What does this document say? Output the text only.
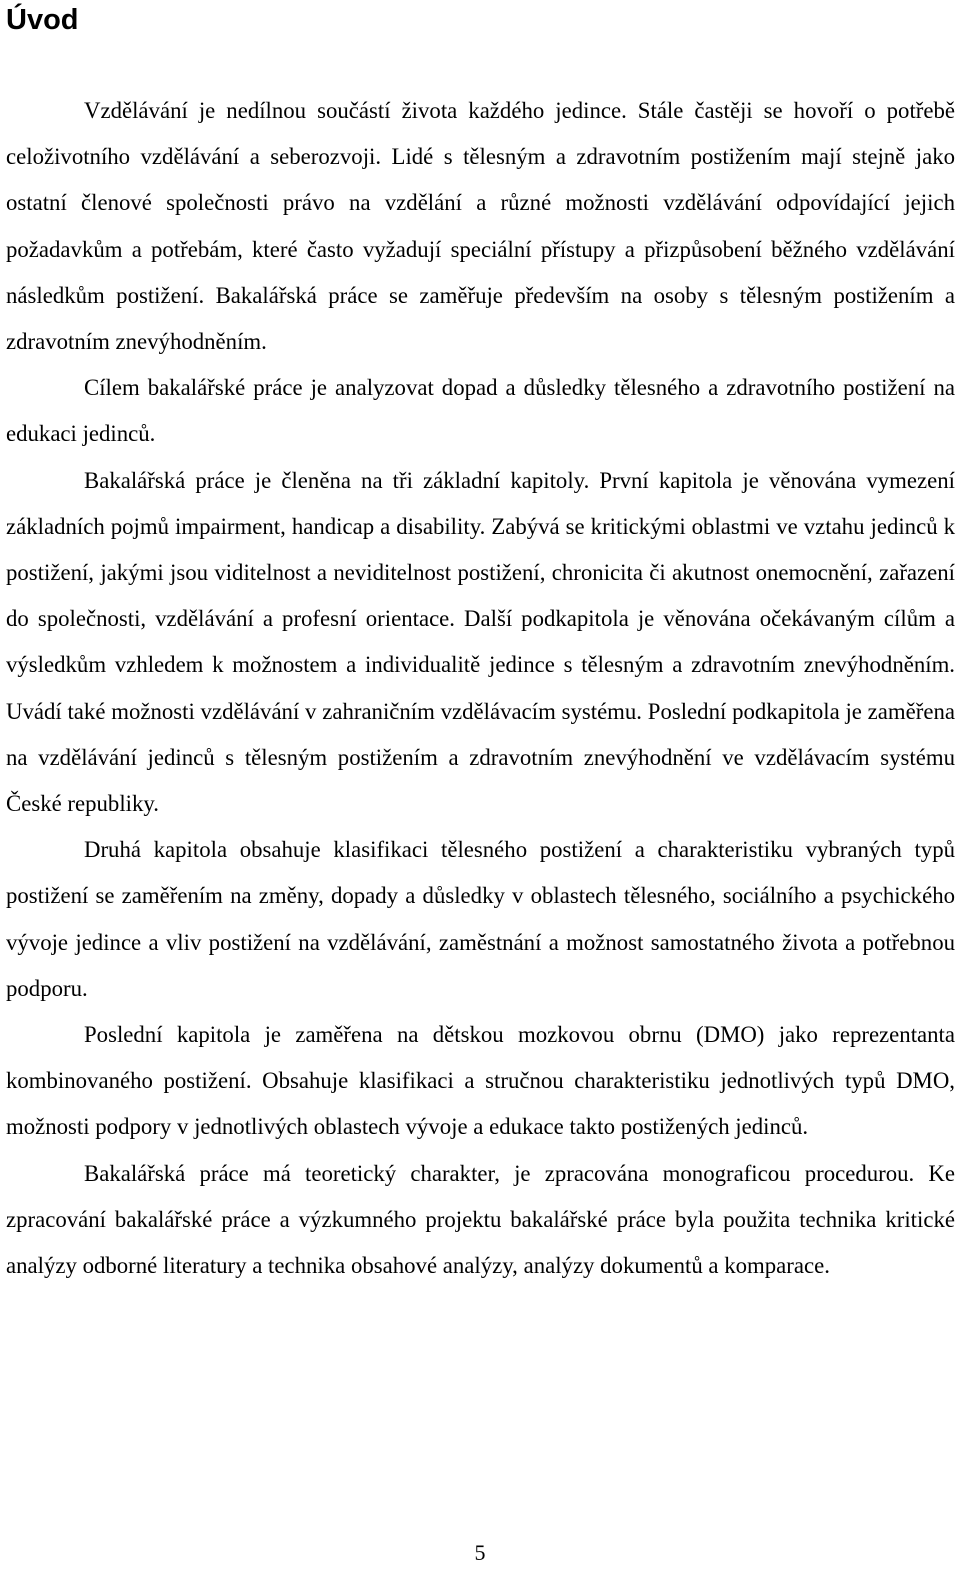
Úvod

Vzdělávání je nedílnou součástí života každého jedince. Stále častěji se hovoří o potřebě celoživotního vzdělávání a seberozvoji. Lidé s tělesným a zdravotním postižením mají stejně jako ostatní členové společnosti právo na vzdělání a různé možnosti vzdělávání odpovídající jejich požadavkům a potřebám, které často vyžadují speciální přístupy a přizpůsobení běžného vzdělávání následkům postižení. Bakalářská práce se zaměřuje především na osoby s tělesným postižením a zdravotním znevýhodněním.

Cílem bakalářské práce je analyzovat dopad a důsledky tělesného a zdravotního postižení na edukaci jedinců.

Bakalářská práce je členěna na tři základní kapitoly. První kapitola je věnována vymezení základních pojmů impairment, handicap a disability. Zabývá se kritickými oblastmi ve vztahu jedinců k postižení, jakými jsou viditelnost a neviditelnost postižení, chronicita či akutnost onemocnění, zařazení do společnosti, vzdělávání a profesní orientace. Další podkapitola je věnována očekávaným cílům a výsledkům vzhledem k možnostem a individualitě jedince s tělesným a zdravotním znevýhodněním. Uvádí také možnosti vzdělávání v zahraničním vzdělávacím systému. Poslední podkapitola je zaměřena na vzdělávání jedinců s tělesným postižením a zdravotním znevýhodnění ve vzdělávacím systému České republiky.

Druhá kapitola obsahuje klasifikaci tělesného postižení a charakteristiku vybraných typů postižení se zaměřením na změny, dopady a důsledky v oblastech tělesného, sociálního a psychického vývoje jedince a vliv postižení na vzdělávání, zaměstnání a možnost samostatného života a potřebnou podporu.

Poslední kapitola je zaměřena na dětskou mozkovou obrnu (DMO) jako reprezentanta kombinovaného postižení. Obsahuje klasifikaci a stručnou charakteristiku jednotlivých typů DMO, možnosti podpory v jednotlivých oblastech vývoje a edukace takto postižených jedinců.

Bakalářská práce má teoretický charakter, je zpracována monograficou procedurou. Ke zpracování bakalářské práce a výzkumného projektu bakalářské práce byla použita technika kritické analýzy odborné literatury a technika obsahové analýzy, analýzy dokumentů a komparace.

5
